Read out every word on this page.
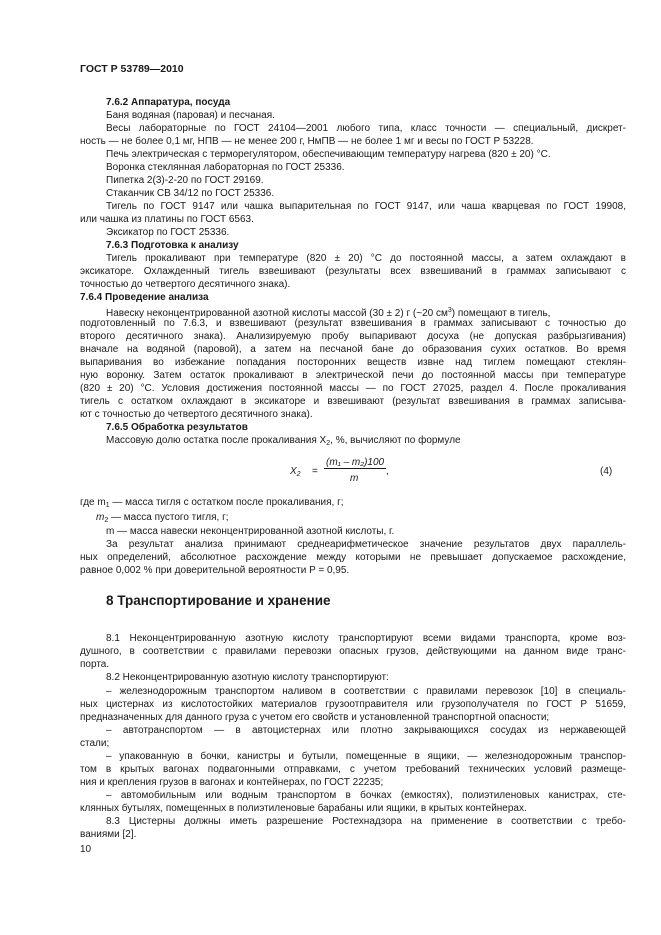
ГОСТ Р 53789—2010
7.6.2 Аппаратура, посуда
Баня водяная (паровая) и песчаная.
Весы лабораторные по ГОСТ 24104—2001 любого типа, класс точности — специальный, дискрет-
ность — не более 0,1 мг, НПВ — не менее 200 г, НмПВ — не более 1 мг и весы по ГОСТ Р 53228.
Печь электрическая с терморегулятором, обеспечивающим температуру нагрева (820 ± 20) °С.
Воронка стеклянная лабораторная по ГОСТ 25336.
Пипетка 2(3)-2-20 по ГОСТ 29169.
Стаканчик СВ 34/12 по ГОСТ 25336.
Тигель по ГОСТ 9147 или чашка выпарительная по ГОСТ 9147, или чаша кварцевая по ГОСТ 19908,
или чашка из платины по ГОСТ 6563.
Эксикатор по ГОСТ 25336.
7.6.3 Подготовка к анализу
Тигель прокаливают при температуре (820 ± 20) °С до постоянной массы, а затем охлаждают в
эксикаторе. Охлажденный тигель взвешивают (результаты всех взвешиваний в граммах записывают с
точностью до четвертого десятичного знака).
7.6.4 Проведение анализа
Навеску неконцентрированной азотной кислоты массой (30 ± 2) г (~20 $см^3$) помещают в тигель,
подготовленный по 7.6.3, и взвешивают (результат взвешивания в граммах записывают с точностью до
второго десятичного знака). Анализируемую пробу выпаривают досуха (не допуская разбрызгивания)
вначале на водяной (паровой), а затем на песчаной бане до образования сухих остатков. Во время
выпаривания во избежание попадания посторонних веществ извне над тиглем помещают стеклян-
ную воронку. Затем остаток прокаливают в электрической печи до постоянной массы при температуре
(820 ± 20) °С. Условия достижения постоянной массы — по ГОСТ 27025, раздел 4. После прокаливания
тигель с остатком охлаждают в эксикаторе и взвешивают (результат взвешивания в граммах записыва-
ют с точностью до четвертого десятичного знака).
7.6.5 Обработка результатов
Массовую долю остатка после прокаливания $X_2$, %, вычисляют по формуле
где $m_1$ — масса тигля с остатком после прокаливания, г;
$m_2$ — масса пустого тигля, г;
m — масса навески неконцентрированной азотной кислоты, г.
За результат анализа принимают среднеарифметическое значение результатов двух параллель-
ных определений, абсолютное расхождение между которыми не превышает допускаемое расхождение,
равное 0,002 % при доверительной вероятности P = 0,95.
8.1 Неконцентрированную азотную кислоту транспортируют всеми видами транспорта, кроме воз-
душного, в соответствии с правилами перевозки опасных грузов, действующими на данном виде транс-
порта.
8.2 Неконцентрированную азотную кислоту транспортируют:
– железнодорожным транспортом наливом в соответствии с правилами перевозок [10] в специаль-
ных цистернах из кислотостойких материалов грузоотправителя или грузополучателя по ГОСТ Р 51659,
предназначенных для данного груза с учетом его свойств и установленной транспортной опасности;
– автотранспортом — в автоцистернах или плотно закрывающихся сосудах из нержавеющей
стали;
– упакованную в бочки, канистры и бутыли, помещенные в ящики, — железнодорожным транспор-
том в крытых вагонах подвагонными отправками, с учетом требований технических условий размеще-
ния и крепления грузов в вагонах и контейнерах, по ГОСТ 22235;
– автомобильным или водным транспортом в бочках (емкостях), полиэтиленовых канистрах, сте-
клянных бутылях, помещенных в полиэтиленовые барабаны или ящики, в крытых контейнерах.
8.3 Цистерны должны иметь разрешение Ростехнадзора на применение в соответствии с требо-
ваниями [2].
8 Транспортирование и хранение
$X_2$ =
(m₁ – m₂)100
m
,	(4)
10
